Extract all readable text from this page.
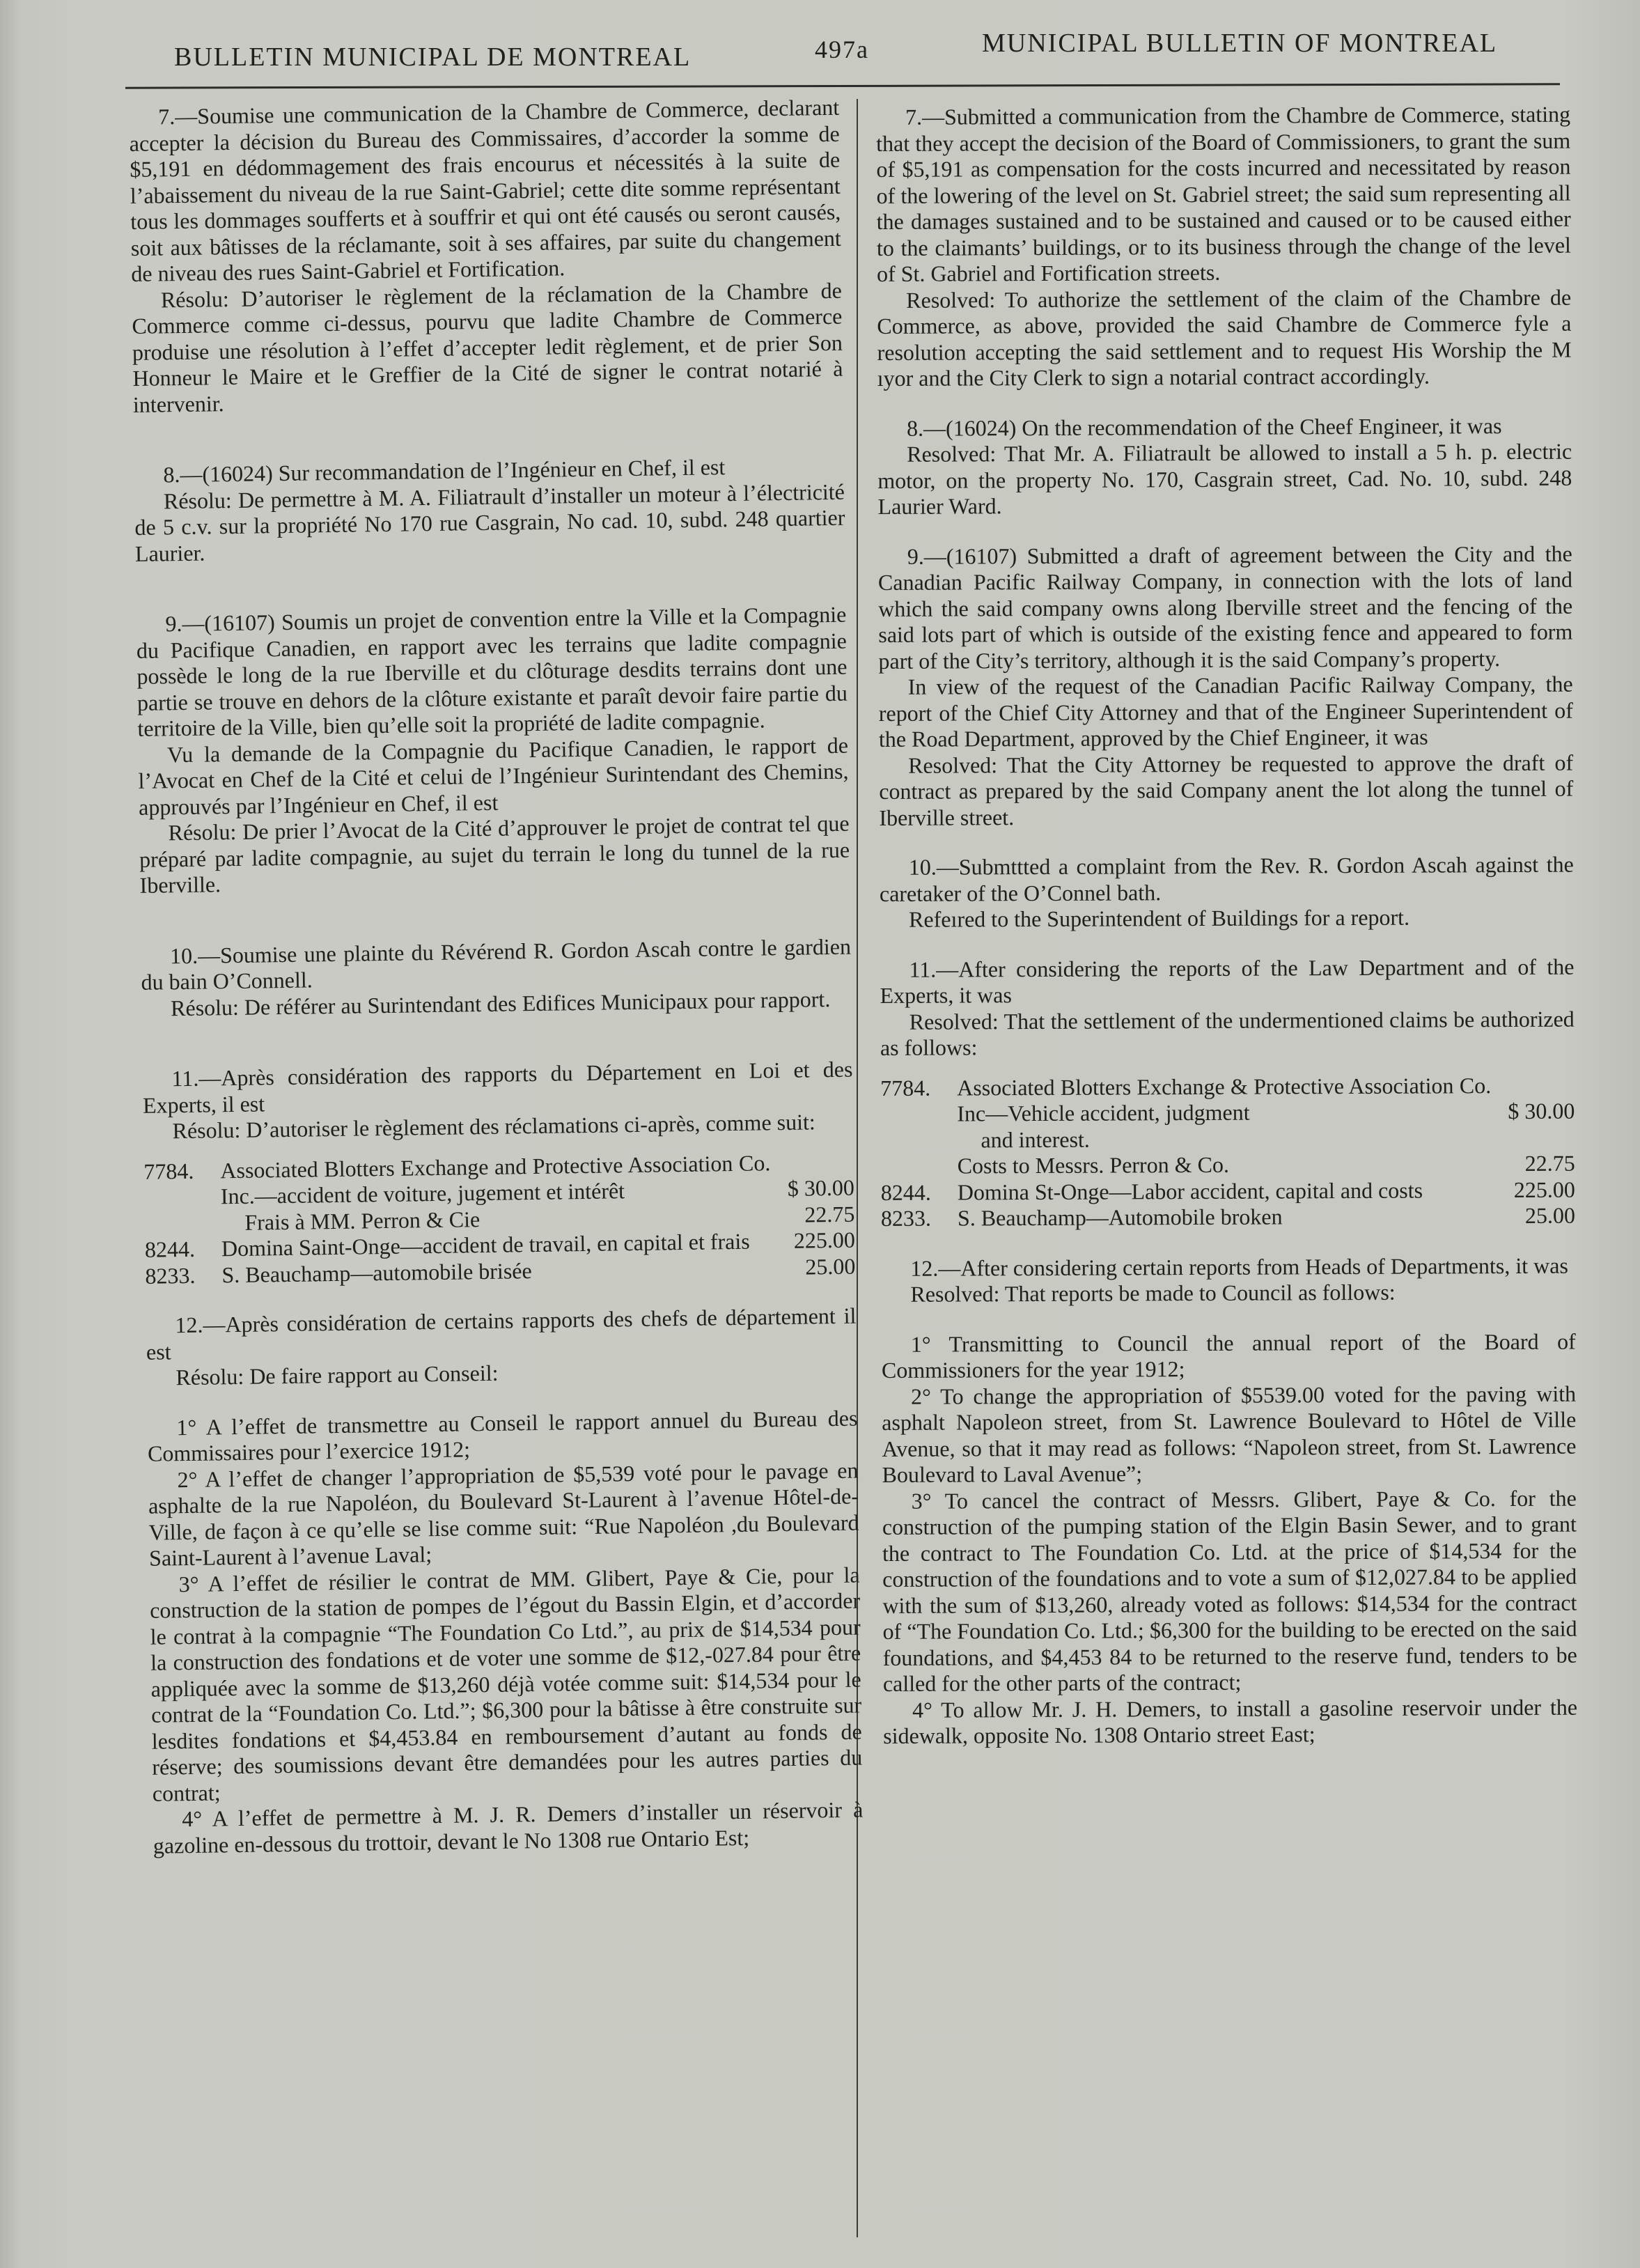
BULLETIN MUNICIPAL DE MONTREAL	497a	MUNICIPAL BULLETIN OF MONTREAL

7.—Soumise une communication de la Chambre de Commerce, declarant accepter la décision du Bureau des Commissaires, d’accorder la somme de $5,191 en dédommagement des frais encourus et nécessités à la suite de l’abaissement du niveau de la rue Saint-Gabriel; cette dite somme représentant tous les dommages soufferts et à souffrir et qui ont été causés ou seront causés, soit aux bâtisses de la réclamante, soit à ses affaires, par suite du changement de niveau des rues Saint-Gabriel et Fortification.

Résolu: D’autoriser le règlement de la réclamation de la Chambre de Commerce comme ci-dessus, pourvu que ladite Chambre de Commerce produise une résolution à l’effet d’accepter ledit règlement, et de prier Son Honneur le Maire et le Greffier de la Cité de signer le contrat notarié à intervenir.

8.—(16024) Sur recommandation de l’Ingénieur en Chef, il est

Résolu: De permettre à M. A. Filiatrault d’installer un moteur à l’électricité de 5 c.v. sur la propriété No 170 rue Casgrain, No cad. 10, subd. 248 quartier Laurier.

9.—(16107) Soumis un projet de convention entre la Ville et la Compagnie du Pacifique Canadien, en rapport avec les terrains que ladite compagnie possède le long de la rue Iberville et du clôturage desdits terrains dont une partie se trouve en dehors de la clôture existante et paraît devoir faire partie du territoire de la Ville, bien qu’elle soit la propriété de ladite compagnie.

Vu la demande de la Compagnie du Pacifique Canadien, le rapport de l’Avocat en Chef de la Cité et celui de l’Ingénieur Surintendant des Chemins, approuvés par l’Ingénieur en Chef, il est

Résolu: De prier l’Avocat de la Cité d’approuver le projet de contrat tel que préparé par ladite compagnie, au sujet du terrain le long du tunnel de la rue Iberville.

10.—Soumise une plainte du Révérend R. Gordon Ascah contre le gardien du bain O’Connell.

Résolu: De référer au Surintendant des Edifices Municipaux pour rapport.

11.—Après considération des rapports du Département en Loi et des Experts, il est

Résolu: D’autoriser le règlement des réclamations ci-après, comme suit:

7784.	Associated Blotters Exchange and Protective Association Co. Inc.—accident de voiture, jugement et intérêt	$ 30.00
	Frais à MM. Perron & Cie	22.75
8244.	Domina Saint-Onge—accident de travail, en capital et frais	225.00
8233.	S. Beauchamp—automobile brisée	25.00

12.—Après considération de certains rapports des chefs de département il est

Résolu: De faire rapport au Conseil:

1° A l’effet de transmettre au Conseil le rapport annuel du Bureau des Commissaires pour l’exercice 1912;

2° A l’effet de changer l’appropriation de $5,539 voté pour le pavage en asphalte de la rue Napoléon, du Boulevard St-Laurent à l’avenue Hôtel-de-Ville, de façon à ce qu’elle se lise comme suit: “Rue Napoléon ,du Boulevard Saint-Laurent à l’avenue Laval;

3° A l’effet de résilier le contrat de MM. Glibert, Paye & Cie, pour la construction de la station de pompes de l’égout du Bassin Elgin, et d’accorder le contrat à la compagnie “The Foundation Co Ltd.”, au prix de $14,534 pour la construction des fondations et de voter une somme de $12,-027.84 pour être appliquée avec la somme de $13,260 déjà votée comme suit: $14,534 pour le contrat de la “Foundation Co. Ltd.”; $6,300 pour la bâtisse à être construite sur lesdites fondations et $4,453.84 en remboursement d’autant au fonds de réserve; des soumissions devant être demandées pour les autres parties du contrat;

4° A l’effet de permettre à M. J. R. Demers d’installer un réservoir à gazoline en-dessous du trottoir, devant le No 1308 rue Ontario Est;

7.—Submitted a communication from the Chambre de Commerce, stating that they accept the decision of the Board of Commissioners, to grant the sum of $5,191 as compensation for the costs incurred and necessitated by reason of the lowering of the level on St. Gabriel street; the said sum representing all the damages sustained and to be sustained and caused or to be caused either to the claimants’ buildings, or to its business through the change of the level of St. Gabriel and Fortification streets.

Resolved: To authorize the settlement of the claim of the Chambre de Commerce, as above, provided the said Chambre de Commerce fyle a resolution accepting the said settlement and to request His Worship the M ıyor and the City Clerk to sign a notarial contract accordingly.

8.—(16024) On the recommendation of the Cheef Engineer, it was

Resolved: That Mr. A. Filiatrault be allowed to install a 5 h. p. electric motor, on the property No. 170, Casgrain street, Cad. No. 10, subd. 248 Laurier Ward.

9.—(16107) Submitted a draft of agreement between the City and the Canadian Pacific Railway Company, in connection with the lots of land which the said company owns along Iberville street and the fencing of the said lots part of which is outside of the existing fence and appeared to form part of the City’s territory, although it is the said Company’s property.

In view of the request of the Canadian Pacific Railway Company, the report of the Chief City Attorney and that of the Engineer Superintendent of the Road Department, approved by the Chief Engineer, it was

Resolved: That the City Attorney be requested to approve the draft of contract as prepared by the said Company anent the lot along the tunnel of Iberville street.

10.—Submttted a complaint from the Rev. R. Gordon Ascah against the caretaker of the O’Connel bath.

Refeıred to the Superintendent of Buildings for a report.

11.—After considering the reports of the Law Department and of the Experts, it was

Resolved: That the settlement of the undermentioned claims be authorized as follows:

7784.	Associated Blotters Exchange & Protective Association Co. Inc—Vehicle accident, judgment	$ 30.00
	and interest.	
	Costs to Messrs. Perron & Co.	22.75
8244.	Domina St-Onge—Labor accident, capital and costs	225.00
8233.	S. Beauchamp—Automobile broken	25.00

12.—After considering certain reports from Heads of Departments, it was

Resolved: That reports be made to Council as follows:

1° Transmitting to Council the annual report of the Board of Commissioners for the year 1912;

2° To change the appropriation of $5539.00 voted for the paving with asphalt Napoleon street, from St. Lawrence Boulevard to Hôtel de Ville Avenue, so that it may read as follows: “Napoleon street, from St. Lawrence Boulevard to Laval Avenue”;

3° To cancel the contract of Messrs. Glibert, Paye & Co. for the construction of the pumping station of the Elgin Basin Sewer, and to grant the contract to The Foundation Co. Ltd. at the price of $14,534 for the construction of the foundations and to vote a sum of $12,027.84 to be applied with the sum of $13,260, already voted as follows: $14,534 for the contract of “The Foundation Co. Ltd.; $6,300 for the building to be erected on the said foundations, and $4,453 84 to be returned to the reserve fund, tenders to be called for the other parts of the contract;

4° To allow Mr. J. H. Demers, to install a gasoline reservoir under the sidewalk, opposite No. 1308 Ontario street East;
